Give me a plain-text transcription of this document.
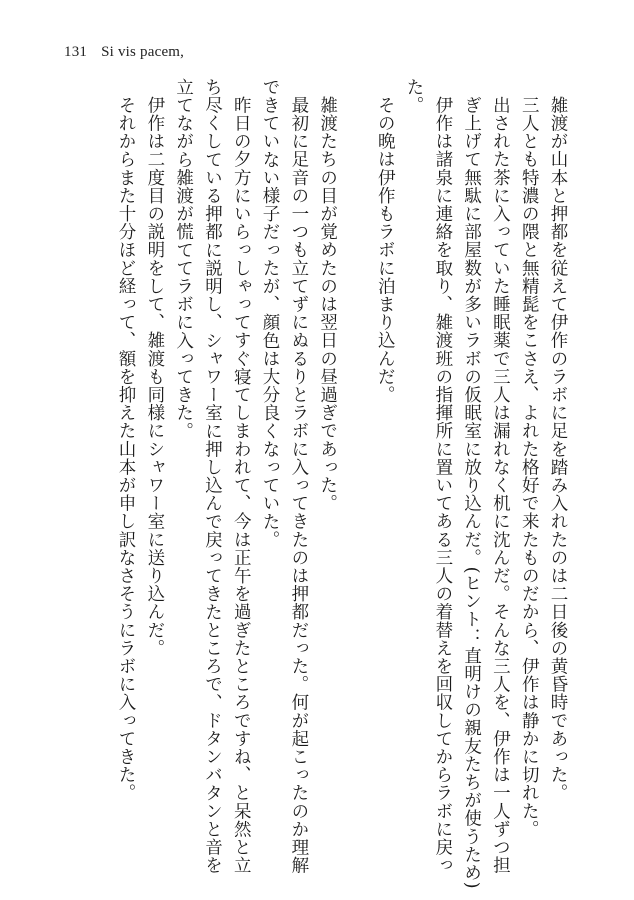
131 Si vis pacem,

雑渡が山本と押都を従えて伊作のラボに足を踏み入れたのは二日後の黄昏時であった。

三人とも特濃の隈と無精髭をこさえ、よれた格好で来たものだから、伊作は静かに切れた。

出された茶に入っていた睡眠薬で三人は漏れなく机に沈んだ。そんな三人を、伊作は一人ずつ担

ぎ上げて無駄に部屋数が多いラボの仮眠室に放り込んだ。(ヒント：直明けの親友たちが使うため)

伊作は諸泉に連絡を取り、雑渡班の指揮所に置いてある三人の着替えを回収してからラボに戻っ

た。

その晩は伊作もラボに泊まり込んだ。

雑渡たちの目が覚めたのは翌日の昼過ぎであった。

最初に足音の一つも立てずにぬるりとラボに入ってきたのは押都だった。何が起こったのか理解

できていない様子だったが、顔色は大分良くなっていた。

昨日の夕方にいらっしゃってすぐ寝てしまわれて、今は正午を過ぎたところですね、と呆然と立

ち尽くしている押都に説明し、シャワー室に押し込んで戻ってきたところで、ドタンバタンと音を

立てながら雑渡が慌ててラボに入ってきた。

伊作は二度目の説明をして、雑渡も同様にシャワー室に送り込んだ。

それからまた十分ほど経って、額を抑えた山本が申し訳なさそうにラボに入ってきた。
